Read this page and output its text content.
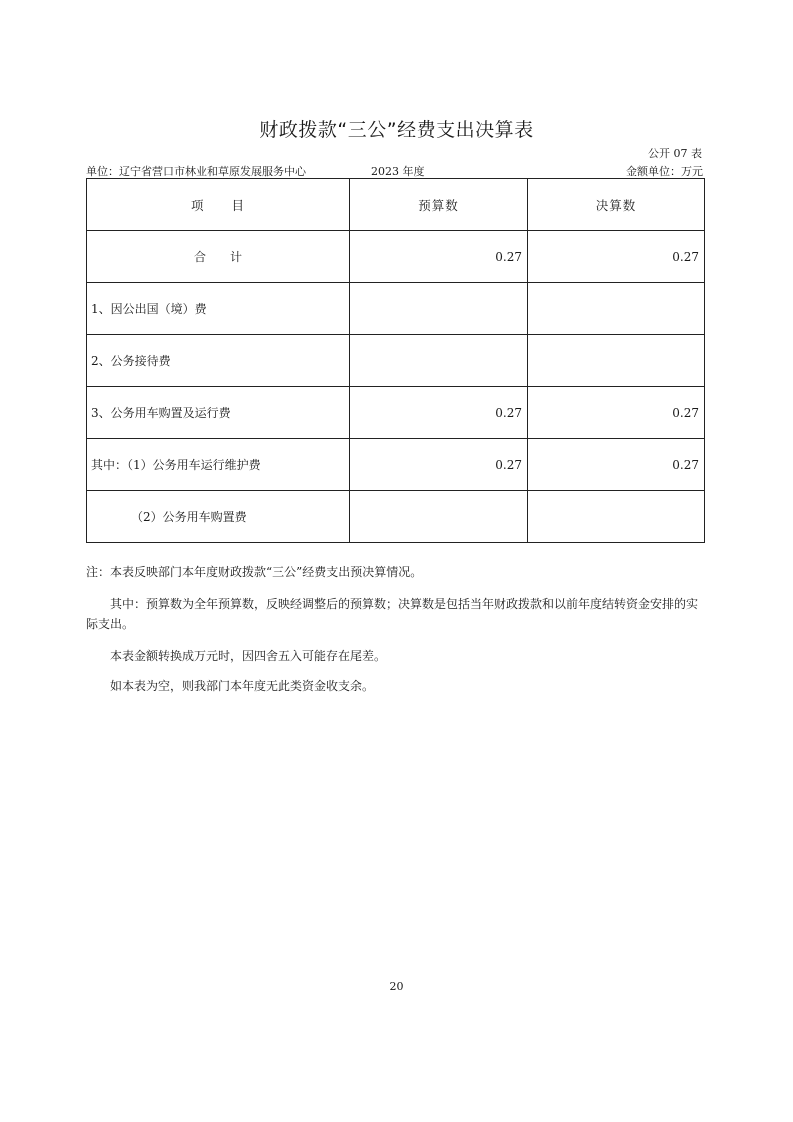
财政拨款“三公”经费支出决算表
公开 07 表
单位：辽宁省营口市林业和草原发展服务中心	2023 年度	金额单位：万元
项　　目	预算数	决算数
合　　计	0.27	0.27
1、因公出国（境）费		
2、公务接待费		
3、公务用车购置及运行费	0.27	0.27
其中：（1）公务用车运行维护费	0.27	0.27
（2）公务用车购置费		

注：本表反映部门本年度财政拨款“三公”经费支出预决算情况。

其中：预算数为全年预算数，反映经调整后的预算数；决算数是包括当年财政拨款和以前年度结转资金安排的实际支出。

本表金额转换成万元时，因四舍五入可能存在尾差。

如本表为空，则我部门本年度无此类资金收支余。

20
